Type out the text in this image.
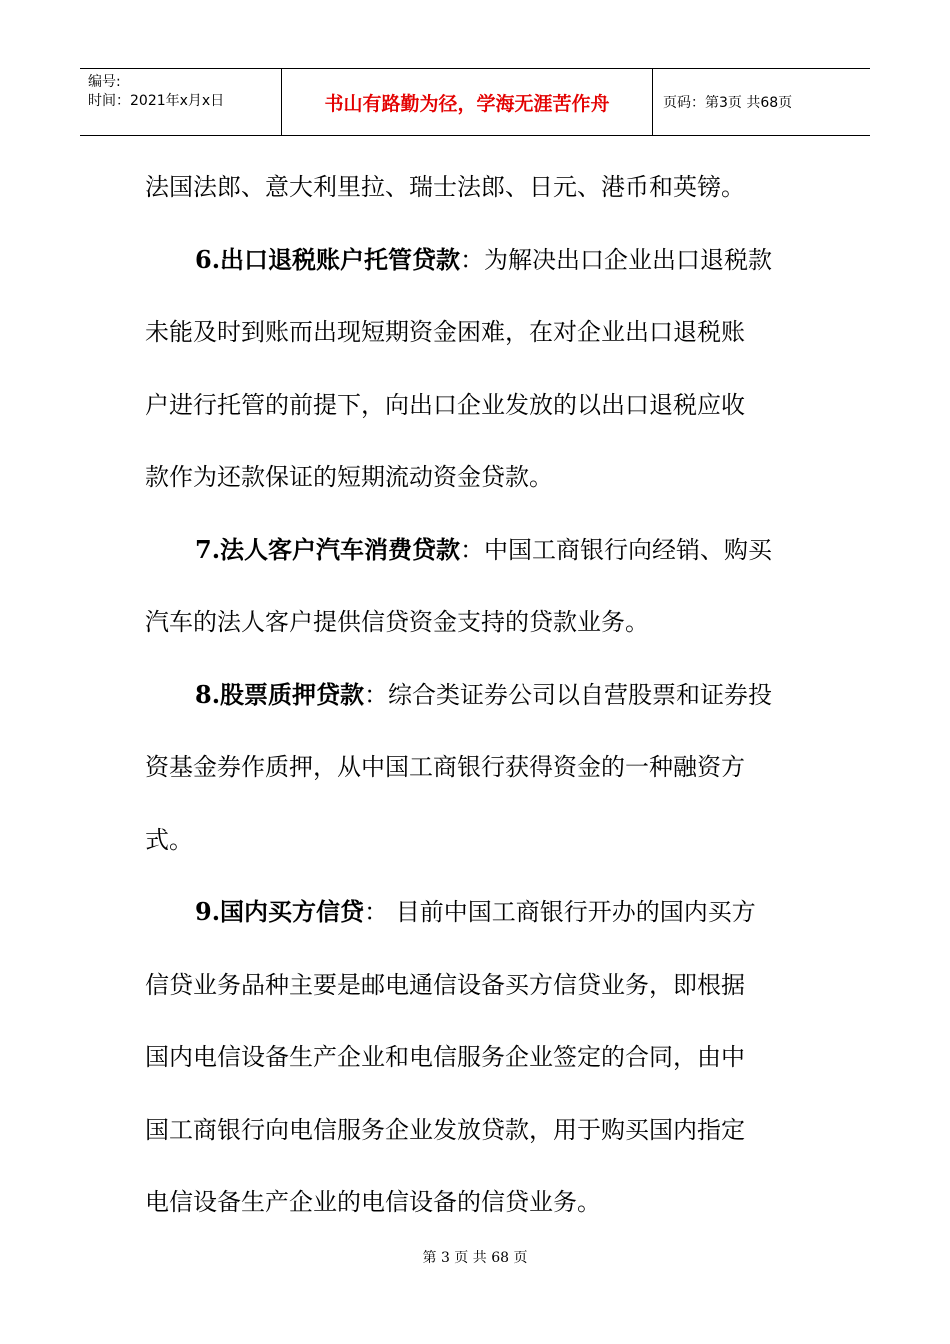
编号:
时间：2021年x月x日	书山有路勤为径，学海无涯苦作舟	页码：第3页 共68页
法国法郎、意大利里拉、瑞士法郎、日元、港币和英镑。
6.出口退税账户托管贷款：为解决出口企业出口退税款
未能及时到账而出现短期资金困难，在对企业出口退税账
户进行托管的前提下，向出口企业发放的以出口退税应收
款作为还款保证的短期流动资金贷款。
7.法人客户汽车消费贷款：中国工商银行向经销、购买
汽车的法人客户提供信贷资金支持的贷款业务。
8.股票质押贷款：综合类证券公司以自营股票和证券投
资基金券作质押，从中国工商银行获得资金的一种融资方
式。
9.国内买方信贷： 目前中国工商银行开办的国内买方
信贷业务品种主要是邮电通信设备买方信贷业务，即根据
国内电信设备生产企业和电信服务企业签定的合同，由中
国工商银行向电信服务企业发放贷款，用于购买国内指定
电信设备生产企业的电信设备的信贷业务。
第 3 页 共 68 页
